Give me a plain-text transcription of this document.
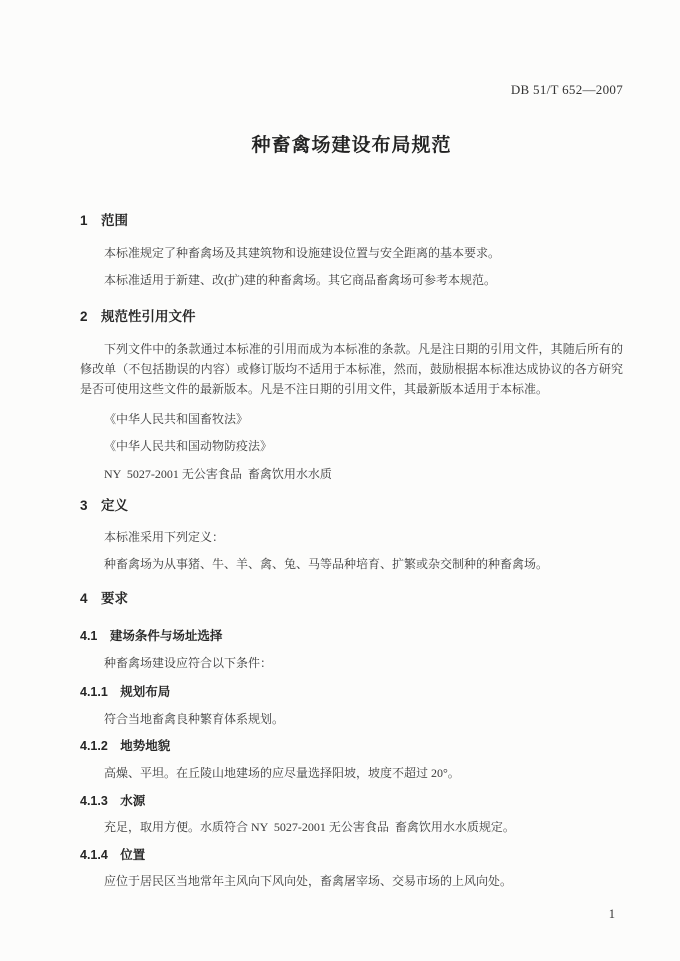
DB 51/T 652—2007
种畜禽场建设布局规范
1　范围

本标准规定了种畜禽场及其建筑物和设施建设位置与安全距离的基本要求。

本标准适用于新建、改(扩)建的种畜禽场。其它商品畜禽场可参考本规范。

2　规范性引用文件

下列文件中的条款通过本标准的引用而成为本标准的条款。凡是注日期的引用文件，其随后所有的修改单（不包括勘误的内容）或修订版均不适用于本标准，然而，鼓励根据本标准达成协议的各方研究是否可使用这些文件的最新版本。凡是不注日期的引用文件，其最新版本适用于本标准。

《中华人民共和国畜牧法》

《中华人民共和国动物防疫法》

NY  5027-2001 无公害食品  畜禽饮用水水质

3　定义

本标准采用下列定义：

种畜禽场为从事猪、牛、羊、禽、兔、马等品种培育、扩繁或杂交制种的种畜禽场。

4　要求
4.1　建场条件与场址选择

种畜禽场建设应符合以下条件：

4.1.1　规划布局

符合当地畜禽良种繁育体系规划。

4.1.2　地势地貌

高燥、平坦。在丘陵山地建场的应尽量选择阳坡，坡度不超过 20°。

4.1.3　水源

充足，取用方便。水质符合 NY  5027-2001 无公害食品  畜禽饮用水水质规定。

4.1.4　位置

应位于居民区当地常年主风向下风向处，畜禽屠宰场、交易市场的上风向处。

1
